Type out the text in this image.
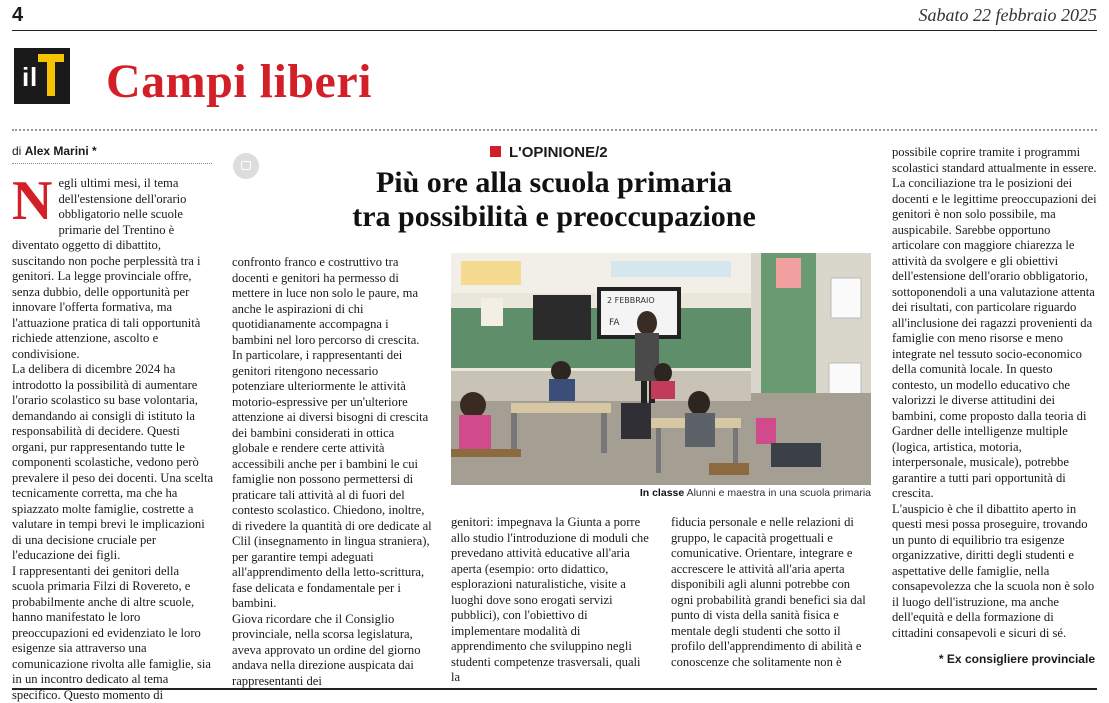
4	Sabato 22 febbraio 2025
i l Campi liberi
di Alex Marini *
N egli ultimi mesi, il tema dell'estensione dell'orario obbligatorio nelle scuole primarie del Trentino è diventato oggetto di dibattito, suscitando non poche perplessità tra i genitori. La legge provinciale offre, senza dubbio, delle opportunità per innovare l'offerta formativa, ma l'attuazione pratica di tali opportunità richiede attenzione, ascolto e condivisione.

La delibera di dicembre 2024 ha introdotto la possibilità di aumentare l'orario scolastico su base volontaria, demandando ai consigli di istituto la responsabilità di decidere. Questi organi, pur rappresentando tutte le componenti scolastiche, vedono però prevalere il peso dei docenti. Una scelta tecnicamente corretta, ma che ha spiazzato molte famiglie, costrette a valutare in tempi brevi le implicazioni di una decisione cruciale per l'educazione dei figli.

I rappresentanti dei genitori della scuola primaria Filzi di Rovereto, e probabilmente anche di altre scuole, hanno manifestato le loro preoccupazioni ed evidenziato le loro esigenze sia attraverso una comunicazione rivolta alle famiglie, sia in un incontro dedicato al tema specifico. Questo momento di

L'OPINIONE/2
Più ore alla scuola primaria
tra possibilità e preoccupazione

confronto franco e costruttivo tra docenti e genitori ha permesso di mettere in luce non solo le paure, ma anche le aspirazioni di chi quotidianamente accompagna i bambini nel loro percorso di crescita. In particolare, i rappresentanti dei genitori ritengono necessario potenziare ulteriormente le attività motorio-espressive per un'ulteriore attenzione ai diversi bisogni di crescita dei bambini considerati in ottica globale e rendere certe attività accessibili anche per i bambini le cui famiglie non possono permettersi di praticare tali attività al di fuori del contesto scolastico. Chiedono, inoltre, di rivedere la quantità di ore dedicate al Clil (insegnamento in lingua straniera), per garantire tempi adeguati all'apprendimento della letto-scrittura, fase delicata e fondamentale per i bambini.

Giova ricordare che il Consiglio provinciale, nella scorsa legislatura, aveva approvato un ordine del giorno andava nella direzione auspicata dai rappresentanti dei

2 FEBBRAIO
FA
In classe Alunni e maestra in una scuola primaria

genitori: impegnava la Giunta a porre allo studio l'introduzione di moduli che prevedano attività educative all'aria aperta (esempio: orto didattico, esplorazioni naturalistiche, visite a luoghi dove sono erogati servizi pubblici), con l'obiettivo di implementare modalità di apprendimento che sviluppino negli studenti competenze trasversali, quali la

fiducia personale e nelle relazioni di gruppo, le capacità progettuali e comunicative. Orientare, integrare e accrescere le attività all'aria aperta disponibili agli alunni potrebbe con ogni probabilità grandi benefici sia dal punto di vista della sanità fisica e mentale degli studenti che sotto il profilo dell'apprendimento di abilità e conoscenze che solitamente non è

possibile coprire tramite i programmi scolastici standard attualmente in essere.

La conciliazione tra le posizioni dei docenti e le legittime preoccupazioni dei genitori è non solo possibile, ma auspicabile. Sarebbe opportuno articolare con maggiore chiarezza le attività da svolgere e gli obiettivi dell'estensione dell'orario obbligatorio, sottoponendoli a una valutazione attenta dei risultati, con particolare riguardo all'inclusione dei ragazzi provenienti da famiglie con meno risorse e meno integrate nel tessuto socio-economico della comunità locale. In questo contesto, un modello educativo che valorizzi le diverse attitudini dei bambini, come proposto dalla teoria di Gardner delle intelligenze multiple (logica, artistica, motoria, interpersonale, musicale), potrebbe garantire a tutti pari opportunità di crescita.

L'auspicio è che il dibattito aperto in questi mesi possa proseguire, trovando un punto di equilibrio tra esigenze organizzative, diritti degli studenti e aspettative delle famiglie, nella consapevolezza che la scuola non è solo il luogo dell'istruzione, ma anche dell'equità e della formazione di cittadini consapevoli e sicuri di sé.

* Ex consigliere provinciale
